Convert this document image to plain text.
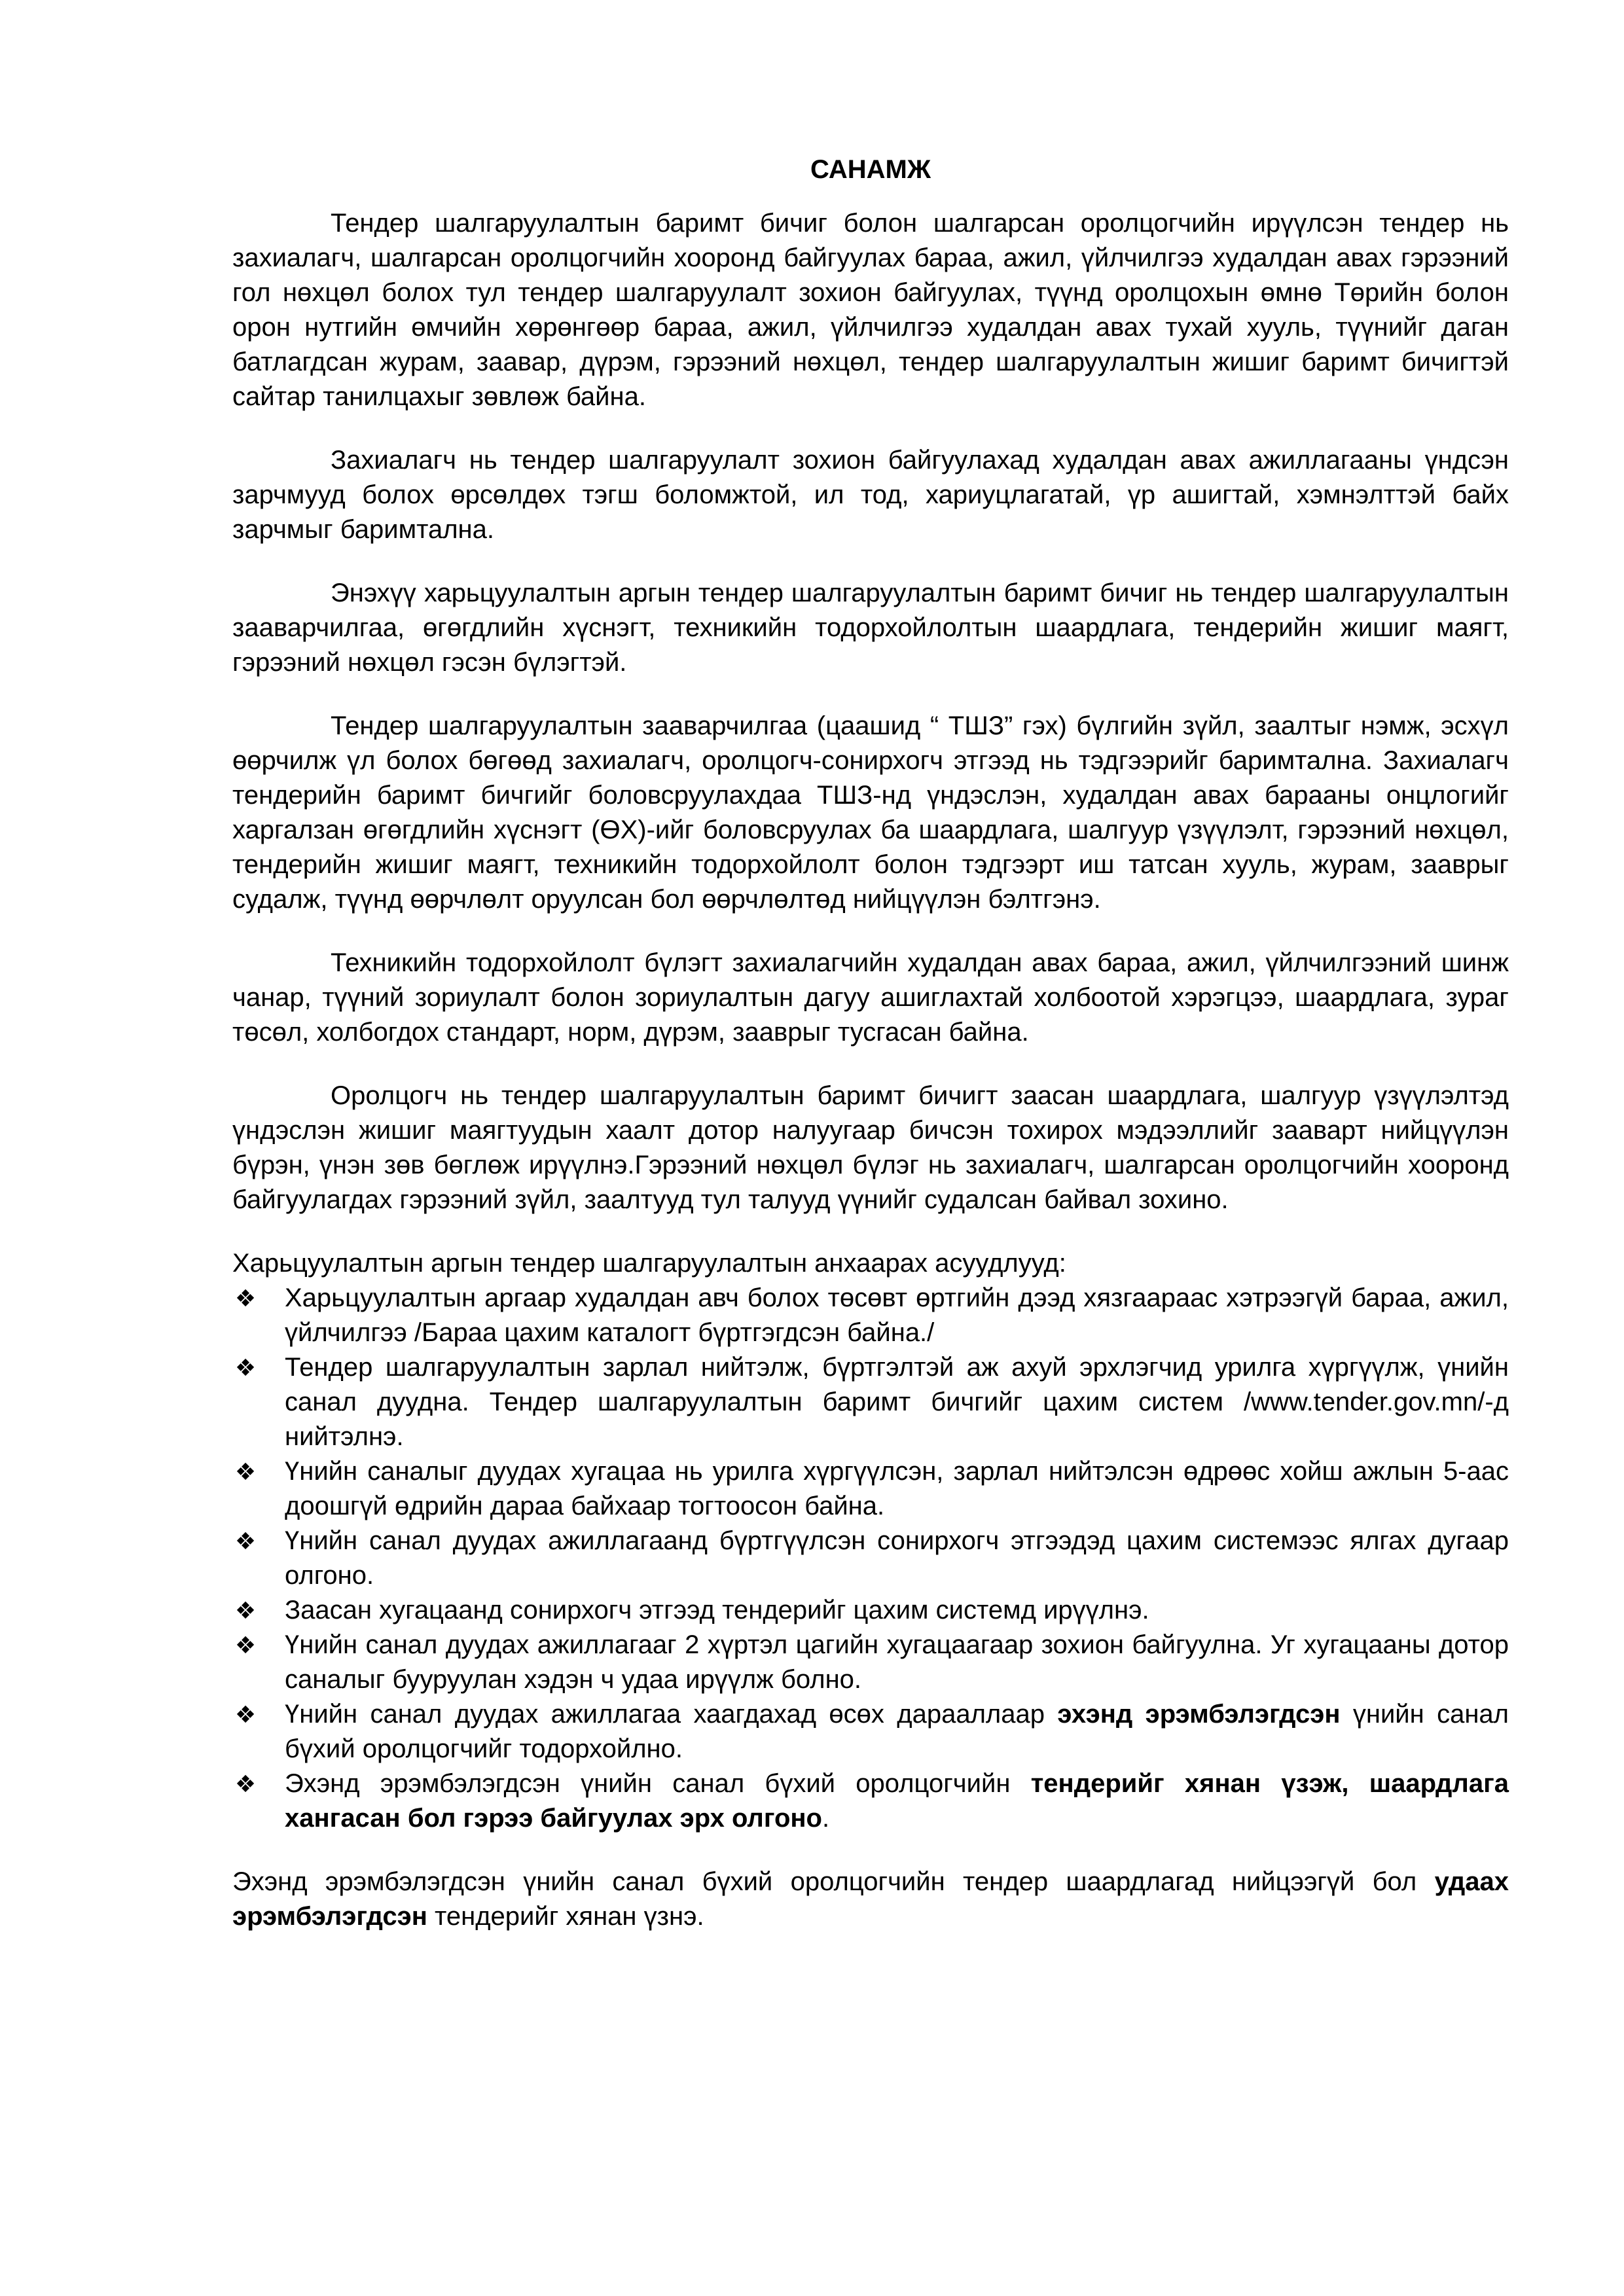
САНАМЖ

Тендер шалгаруулалтын баримт бичиг болон шалгарсан оролцогчийн ирүүлсэн тендер нь захиалагч, шалгарсан оролцогчийн хооронд байгуулах бараа, ажил, үйлчилгээ худалдан авах гэрээний гол нөхцөл болох тул тендер шалгаруулалт зохион байгуулах, түүнд оролцохын өмнө Төрийн болон орон нутгийн өмчийн хөрөнгөөр бараа, ажил, үйлчилгээ худалдан авах тухай хууль, түүнийг даган батлагдсан журам, заавар, дүрэм, гэрээний нөхцөл, тендер шалгаруулалтын жишиг баримт бичигтэй сайтар танилцахыг зөвлөж байна.

Захиалагч нь тендер шалгаруулалт зохион байгуулахад худалдан авах ажиллагааны үндсэн зарчмууд болох өрсөлдөх тэгш боломжтой, ил тод, хариуцлагатай, үр ашигтай, хэмнэлттэй байх зарчмыг баримтална.

Энэхүү харьцуулалтын аргын тендер шалгаруулалтын баримт бичиг нь тендер шалгаруулалтын зааварчилгаа, өгөгдлийн хүснэгт, техникийн тодорхойлолтын шаардлага, тендерийн жишиг маягт, гэрээний нөхцөл гэсэн бүлэгтэй.

Тендер шалгаруулалтын зааварчилгаа (цаашид “ ТШЗ” гэх) бүлгийн зүйл, заалтыг нэмж, эсхүл өөрчилж үл болох бөгөөд захиалагч, оролцогч-сонирхогч этгээд нь тэдгээрийг баримтална. Захиалагч тендерийн баримт бичгийг боловсруулахдаа ТШЗ-нд үндэслэн, худалдан авах барааны онцлогийг харгалзан өгөгдлийн хүснэгт (ӨХ)-ийг боловсруулах ба шаардлага, шалгуур үзүүлэлт, гэрээний нөхцөл, тендерийн жишиг маягт, техникийн тодорхойлолт болон тэдгээрт иш татсан хууль, журам, зааврыг судалж, түүнд өөрчлөлт оруулсан бол өөрчлөлтөд нийцүүлэн бэлтгэнэ.

Техникийн тодорхойлолт бүлэгт захиалагчийн худалдан авах бараа, ажил, үйлчилгээний шинж чанар, түүний зориулалт болон зориулалтын дагуу ашиглахтай холбоотой хэрэгцээ, шаардлага, зураг төсөл, холбогдох стандарт, норм, дүрэм, зааврыг тусгасан байна.

Оролцогч нь тендер шалгаруулалтын баримт бичигт заасан шаардлага, шалгуур үзүүлэлтэд үндэслэн жишиг маягтуудын хаалт дотор налуугаар бичсэн тохирох мэдээллийг зааварт нийцүүлэн бүрэн, үнэн зөв бөглөж ирүүлнэ.Гэрээний нөхцөл бүлэг нь захиалагч, шалгарсан оролцогчийн хооронд байгуулагдах гэрээний зүйл, заалтууд тул талууд үүнийг судалсан байвал зохино.

Харьцуулалтын аргын тендер шалгаруулалтын анхаарах асуудлууд:

❖ Харьцуулалтын аргаар худалдан авч болох төсөвт өртгийн дээд хязгаараас хэтрээгүй бараа, ажил, үйлчилгээ /Бараа цахим каталогт бүртгэгдсэн байна./
❖ Тендер шалгаруулалтын зарлал нийтэлж, бүртгэлтэй аж ахуй эрхлэгчид урилга хүргүүлж, үнийн санал дуудна. Тендер шалгаруулалтын баримт бичгийг цахим систем /www.tender.gov.mn/-д нийтэлнэ.
❖ Үнийн саналыг дуудах хугацаа нь урилга хүргүүлсэн, зарлал нийтэлсэн өдрөөс хойш ажлын 5-аас доошгүй өдрийн дараа байхаар тогтоосон байна.
❖ Үнийн санал дуудах ажиллагаанд бүртгүүлсэн сонирхогч этгээдэд цахим системээс ялгах дугаар олгоно.
❖ Заасан хугацаанд сонирхогч этгээд тендерийг цахим системд ирүүлнэ.
❖ Үнийн санал дуудах ажиллагааг 2 хүртэл цагийн хугацаагаар зохион байгуулна. Уг хугацааны дотор саналыг бууруулан хэдэн ч удаа ирүүлж болно.
❖ Үнийн санал дуудах ажиллагаа хаагдахад өсөх дарааллаар эхэнд эрэмбэлэгдсэн үнийн санал бүхий оролцогчийг тодорхойлно.
❖ Эхэнд эрэмбэлэгдсэн үнийн санал бүхий оролцогчийн тендерийг хянан үзэж, шаардлага хангасан бол гэрээ байгуулах эрх олгоно.

Эхэнд эрэмбэлэгдсэн үнийн санал бүхий оролцогчийн тендер шаардлагад нийцээгүй бол удаах эрэмбэлэгдсэн тендерийг хянан үзнэ.
